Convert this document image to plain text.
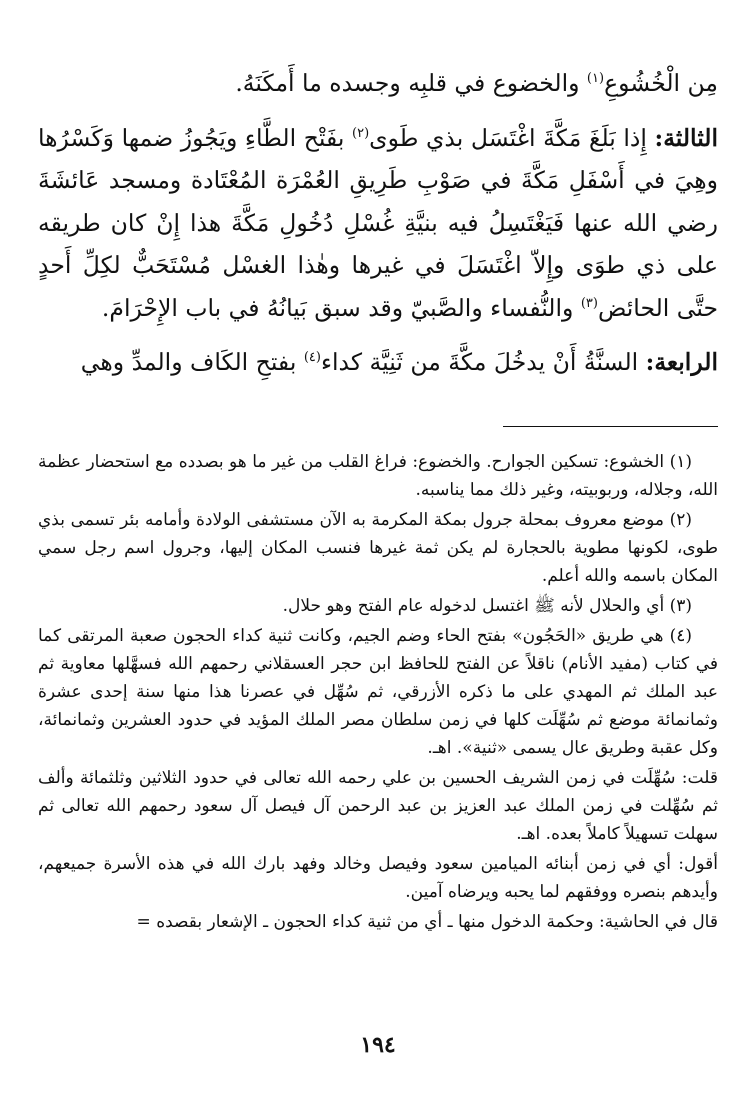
مِن الْخُشُوعِ$^{(١)}$ والخضوع في قلبِه وجسده ما أَمكَنَهُ.

الثالثة: إِذا بَلَغَ مَكَّةَ اغْتَسَل بذي طَوى$^{(٢)}$ بفَتْح الطَّاءِ ويَجُوزُ ضمها وَكَسْرُها وهِيَ في أَسْفَلِ مَكَّةَ في صَوْبِ طَرِيقِ العُمْرَة المُعْتَادة ومسجد عَائشَةَ رضي الله عنها فَيَغْتَسِلُ فيه بنيَّةِ غُسْلِ دُخُولِ مَكَّةَ هذا إِنْ كان طريقه على ذي طوَى وإِلاّ اغْتَسَلَ في غيرها وهٰذا الغسْل مُسْتَحَبٌّ لكِلِّ أَحدٍ حتَّى الحائض$^{(٣)}$ والنُّفساء والصَّبيّ وقد سبق بَيانُهُ في باب الإِحْرَامَ.

الرابعة: السنَّةُ أَنْ يدخُلَ مكَّةَ من ثَنِيَّة كداء$^{(٤)}$ بفتحِ الكَاف والمدِّ وهي

(١) الخشوع: تسكين الجوارح. والخضوع: فراغ القلب من غير ما هو بصدده مع استحضار عظمة الله، وجلاله، وربوبيته، وغير ذلك مما يناسبه.

(٢) موضع معروف بمحلة جرول بمكة المكرمة به الآن مستشفى الولادة وأمامه بئر تسمى بذي طوى، لكونها مطوية بالحجارة لم يكن ثمة غيرها فنسب المكان إليها، وجرول اسم رجل سمي المكان باسمه والله أعلم.

(٣) أي والحلال لأنه ﷺ اغتسل لدخوله عام الفتح وهو حلال.

(٤) هي طريق «الحَجُون» بفتح الحاء وضم الجيم، وكانت ثنية كداء الحجون صعبة المرتقى كما في كتاب (مفيد الأنام) ناقلاً عن الفتح للحافظ ابن حجر العسقلاني رحمهم الله فسهَّلها معاوية ثم عبد الملك ثم المهدي على ما ذكره الأزرقي، ثم سُهِّل في عصرنا هذا منها سنة إحدى عشرة وثمانمائة موضع ثم سُهِّلَت كلها في زمن سلطان مصر الملك المؤيد في حدود العشرين وثمانمائة، وكل عقبة وطريق عال يسمى «ثنية». اهـ.

قلت: سُهِّلَت في زمن الشريف الحسين بن علي رحمه الله تعالى في حدود الثلاثين وثلثمائة وألف ثم سُهِّلت في زمن الملك عبد العزيز بن عبد الرحمن آل فيصل آل سعود رحمهم الله تعالى ثم سهلت تسهيلاً كاملاً بعده. اهـ.

أقول: أي في زمن أبنائه الميامين سعود وفيصل وخالد وفهد بارك الله في هذه الأسرة جميعهم، وأيدهم بنصره ووفقهم لما يحبه ويرضاه آمين.

قال في الحاشية: وحكمة الدخول منها ـ أي من ثنية كداء الحجون ـ الإشعار بقصده =

١٩٤
